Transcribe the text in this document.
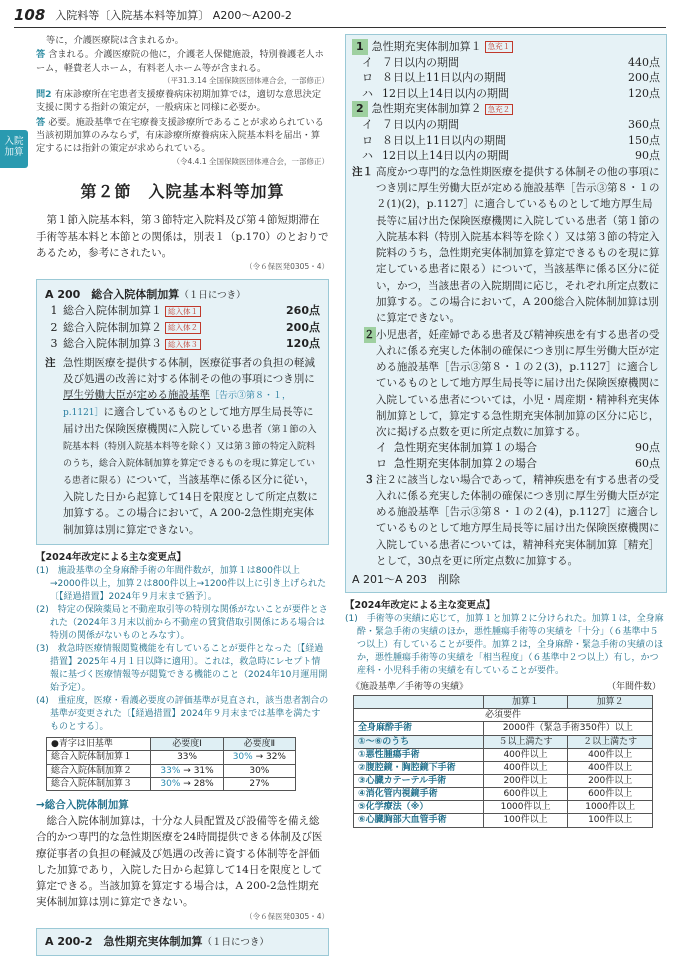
108 入院料等〔入院基本料等加算〕 A200～A200-2
入院
加算

等に，介護医療院は含まれるか。

答 含まれる。介護医療院の他に，介護老人保健施設，特別養護老人ホーム，軽費老人ホーム，有料老人ホーム等が含まれる。

（平31.3.14 全国保険医団体連合会，一部修正）

問2 有床診療所在宅患者支援療養病床初期加算では，適切な意思決定支援に関する指針の策定が，一般病床と同様に必要か。

答 必要。施設基準で在宅療養支援診療所であることが求められている当該初期加算のみならず，有床診療所療養病床入院基本料を届出・算定するには指針の策定が求められている。

（令4.4.1 全国保険医団体連合会，一部修正）

第２節　入院基本料等加算

第１節入院基本料，第３節特定入院料及び第４節短期滞在手術等基本料と本節との関係は，別表１（p.170）のとおりであるため，参考にされたい。

（令６保医発0305・4）

A 200　総合入院体制加算（１日につき）
1 総合入院体制加算１ 総入体１	260点
2 総合入院体制加算２ 総入体２	200点
3 総合入院体制加算３ 総入体３	120点
注 急性期医療を提供する体制，医療従事者の負担の軽減及び処遇の改善に対する体制その他の事項につき別に厚生労働大臣が定める施設基準［告示③第８・１，p.1121］に適合しているものとして地方厚生局長等に届け出た保険医療機関に入院している患者（第１節の入院基本料（特別入院基本料等を除く）又は第３節の特定入院料のうち，総合入院体制加算を算定できるものを現に算定している患者に限る）について，当該基準に係る区分に従い，入院した日から起算して14日を限度として所定点数に加算する。この場合において，A 200-2急性期充実体制加算は別に算定できない。
【2024年改定による主な変更点】
(1)　施設基準の全身麻酔手術の年間件数が，加算１は800件以上→2000件以上，加算２は800件以上→1200件以上に引き上げられた〔【経過措置】2024年９月末まで猶予〕。
(2)　特定の保険薬局と不動産取引等の特別な関係がないことが要件とされた（2024年３月末以前から不動産の賃貸借取引関係にある場合は特別の関係がないものとみなす）。
(3)　救急時医療情報閲覧機能を有していることが要件となった〔【経過措置】2025年４月１日以降に適用〕。これは，救急時にレセプト情報に基づく医療情報等が閲覧できる機能のこと（2024年10月運用開始予定）。
(4)　重症度，医療・看護必要度の評価基準が見直され，該当患者割合の基準が変更された〔【経過措置】2024年９月末までは基準を満たすものとする〕。
●青字は旧基準	必要度Ⅰ	必要度Ⅱ
総合入院体制加算１	33%	30% → 32%
総合入院体制加算２	33% → 31%	30%
総合入院体制加算３	30% → 28%	27%
→総合入院体制加算

総合入院体制加算は，十分な人員配置及び設備等を備え総合的かつ専門的な急性期医療を24時間提供できる体制及び医療従事者の負担の軽減及び処遇の改善に資する体制等を評価した加算であり，入院した日から起算して14日を限度として算定できる。当該加算を算定する場合は，A 200-2急性期充実体制加算は別に算定できない。

（令６保医発0305・4）

A 200-2　急性期充実体制加算（１日につき）
1 急性期充実体制加算１ 急充１
イ ７日以内の期間	440点
ロ ８日以上11日以内の期間	200点
ハ 12日以上14日以内の期間	120点
2 急性期充実体制加算２ 急充２
イ ７日以内の期間	360点
ロ ８日以上11日以内の期間	150点
ハ 12日以上14日以内の期間	90点
注１ 高度かつ専門的な急性期医療を提供する体制その他の事項につき別に厚生労働大臣が定める施設基準［告示③第８・１の２(1)(2)，p.1127］に適合しているものとして地方厚生局長等に届け出た保険医療機関に入院している患者（第１節の入院基本料（特別入院基本料等を除く）又は第３節の特定入院料のうち，急性期充実体制加算を算定できるものを現に算定している患者に限る）について，当該基準に係る区分に従い，かつ，当該患者の入院期間に応じ，それぞれ所定点数に加算する。この場合において，A 200総合入院体制加算は別に算定できない。
２ 小児患者，妊産婦である患者及び精神疾患を有する患者の受入れに係る充実した体制の確保につき別に厚生労働大臣が定める施設基準［告示③第８・１の２(3)，p.1127］に適合しているものとして地方厚生局長等に届け出た保険医療機関に入院している患者については，小児・周産期・精神科充実体制加算として，算定する急性期充実体制加算の区分に応じ，次に掲げる点数を更に所定点数に加算する。
イ 急性期充実体制加算１の場合	90点
ロ 急性期充実体制加算２の場合	60点
３ 注２に該当しない場合であって，精神疾患を有する患者の受入れに係る充実した体制の確保につき別に厚生労働大臣が定める施設基準［告示③第８・１の２(4)，p.1127］に適合しているものとして地方厚生局長等に届け出た保険医療機関に入院している患者については，精神科充実体制加算［精充］として，30点を更に所定点数に加算する。
A 201～A 203　削除
【2024年改定による主な変更点】
(1)　手術等の実績に応じて，加算１と加算２に分けられた。加算１は，全身麻酔・緊急手術の実績のほか，悪性腫瘍手術等の実績を「十分」（６基準中５つ以上）有していることが要件。加算２は，全身麻酔・緊急手術の実績のほか，悪性腫瘍手術等の実績を「相当程度」（６基準中２つ以上）有し，かつ産科・小児科手術の実績を有していることが要件。
《施設基準／手術等の実績》	（年間件数）
	加算１	加算２
必須要件		
全身麻酔手術	2000件（緊急手術350件）以上	
①～⑥のうち	５以上満たす	２以上満たす
①悪性腫瘍手術	400件以上	400件以上
②腹腔鏡・胸腔鏡下手術	400件以上	400件以上
③心臓カテーテル手術	200件以上	200件以上
④消化管内視鏡手術	600件以上	600件以上
⑤化学療法（※）	1000件以上	1000件以上
⑥心臓胸部大血管手術	100件以上	100件以上
